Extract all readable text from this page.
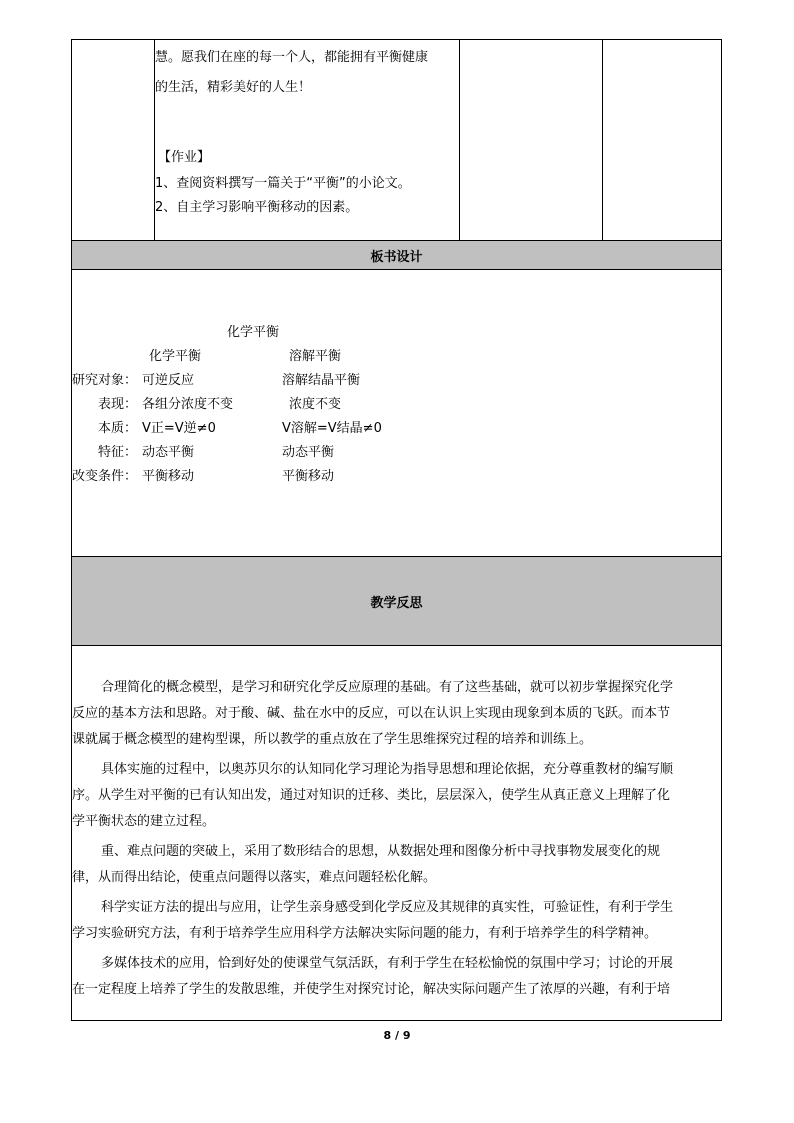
慧。愿我们在座的每一个人，都能拥有平衡健康
的生活，精彩美好的人生！
【作业】
1、查阅资料撰写一篇关于“平衡”的小论文。
2、自主学习影响平衡移动的因素。
板书设计
化学平衡
化学平衡	溶解平衡
研究对象： 可逆反应	溶解结晶平衡
表现： 各组分浓度不变	浓度不变
本质： V正=V逆≠0	V溶解=V结晶≠0
特征： 动态平衡	动态平衡
改变条件： 平衡移动	平衡移动
教学反思
合理简化的概念模型，是学习和研究化学反应原理的基础。有了这些基础，就可以初步掌握探究化学
反应的基本方法和思路。对于酸、碱、盐在水中的反应，可以在认识上实现由现象到本质的飞跃。而本节
课就属于概念模型的建构型课，所以教学的重点放在了学生思维探究过程的培养和训练上。
具体实施的过程中，以奥苏贝尔的认知同化学习理论为指导思想和理论依据，充分尊重教材的编写顺
序。从学生对平衡的已有认知出发，通过对知识的迁移、类比，层层深入，使学生从真正意义上理解了化
学平衡状态的建立过程。
重、难点问题的突破上，采用了数形结合的思想，从数据处理和图像分析中寻找事物发展变化的规
律，从而得出结论，使重点问题得以落实，难点问题轻松化解。
科学实证方法的提出与应用，让学生亲身感受到化学反应及其规律的真实性，可验证性，有利于学生
学习实验研究方法，有利于培养学生应用科学方法解决实际问题的能力，有利于培养学生的科学精神。
多媒体技术的应用，恰到好处的使课堂气氛活跃，有利于学生在轻松愉悦的氛围中学习；讨论的开展
在一定程度上培养了学生的发散思维，并使学生对探究讨论，解决实际问题产生了浓厚的兴趣，有利于培
8 / 9
